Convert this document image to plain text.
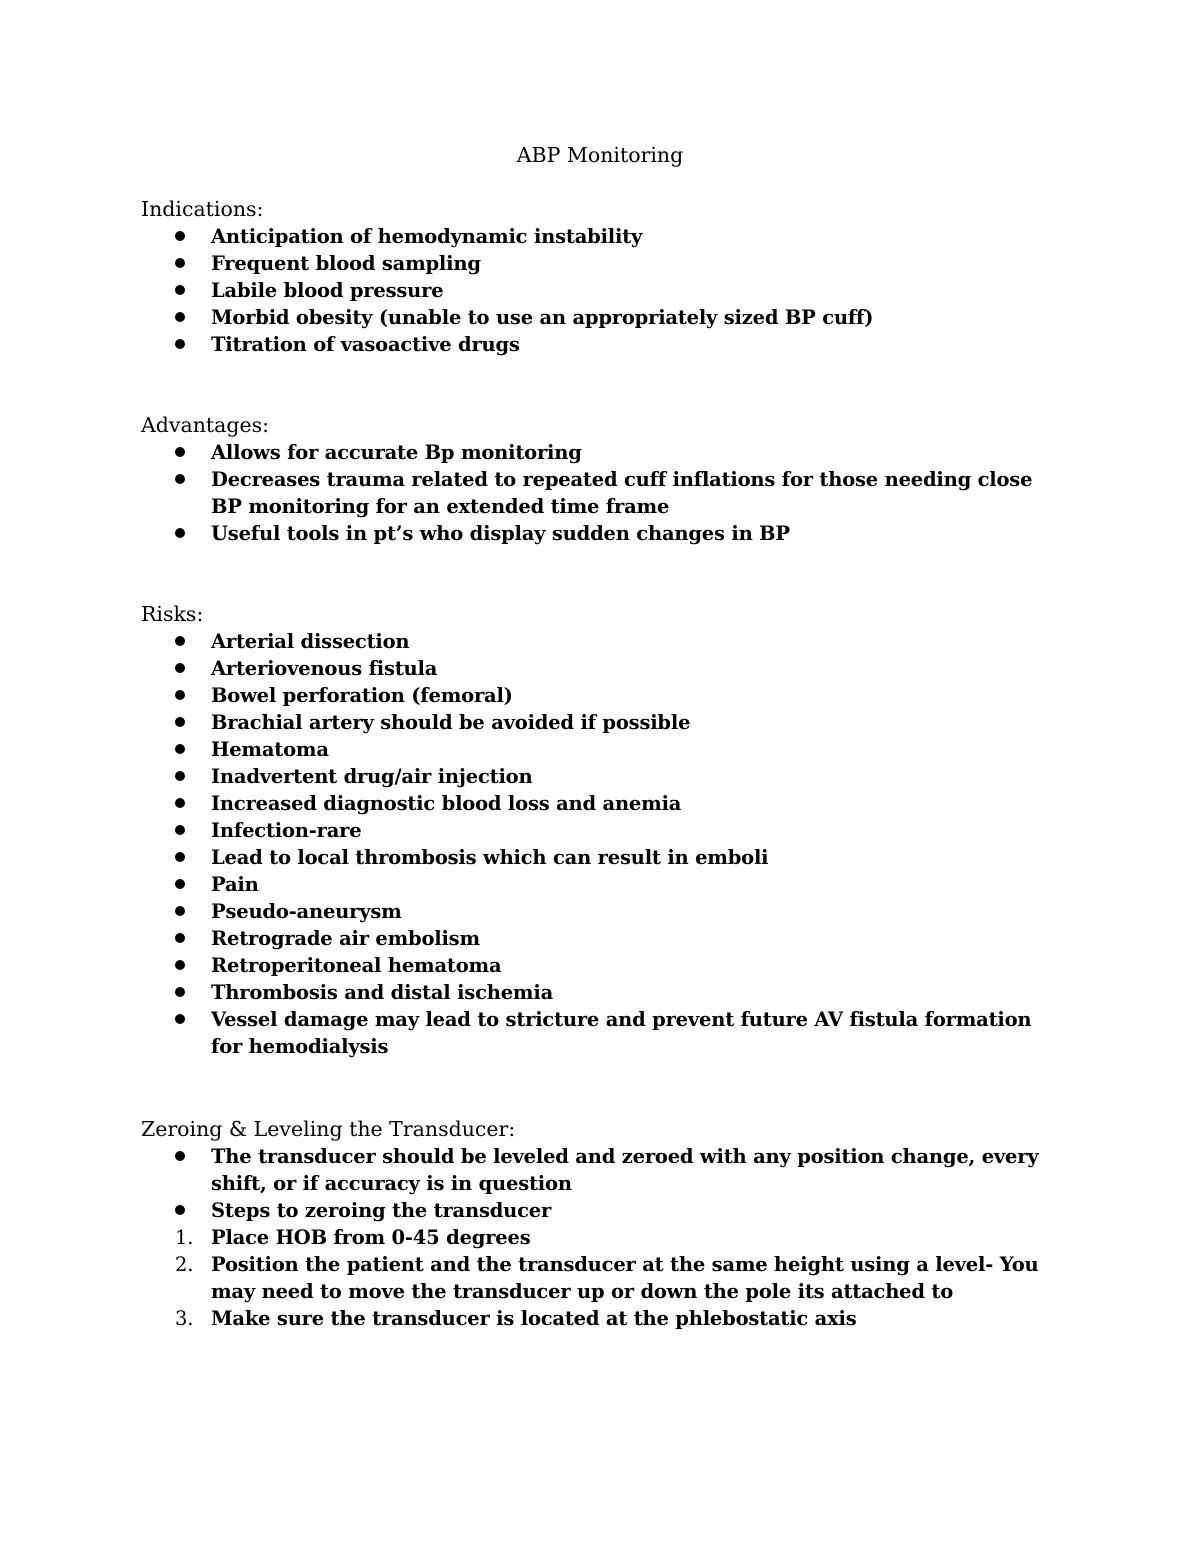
ABP Monitoring
Indications:
Anticipation of hemodynamic instability
Frequent blood sampling
Labile blood pressure
Morbid obesity (unable to use an appropriately sized BP cuff)
Titration of vasoactive drugs
Advantages:
Allows for accurate Bp monitoring
Decreases trauma related to repeated cuff inflations for those needing close BP monitoring for an extended time frame
Useful tools in pt’s who display sudden changes in BP
Risks:
Arterial dissection
Arteriovenous fistula
Bowel perforation (femoral)
Brachial artery should be avoided if possible
Hematoma
Inadvertent drug/air injection
Increased diagnostic blood loss and anemia
Infection-rare
Lead to local thrombosis which can result in emboli
Pain
Pseudo-aneurysm
Retrograde air embolism
Retroperitoneal hematoma
Thrombosis and distal ischemia
Vessel damage may lead to stricture and prevent future AV fistula formation for hemodialysis
Zeroing & Leveling the Transducer:
The transducer should be leveled and zeroed with any position change, every shift, or if accuracy is in question
Steps to zeroing the transducer
1. Place HOB from 0-45 degrees
2. Position the patient and the transducer at the same height using a level- You may need to move the transducer up or down the pole its attached to
3. Make sure the transducer is located at the phlebostatic axis
